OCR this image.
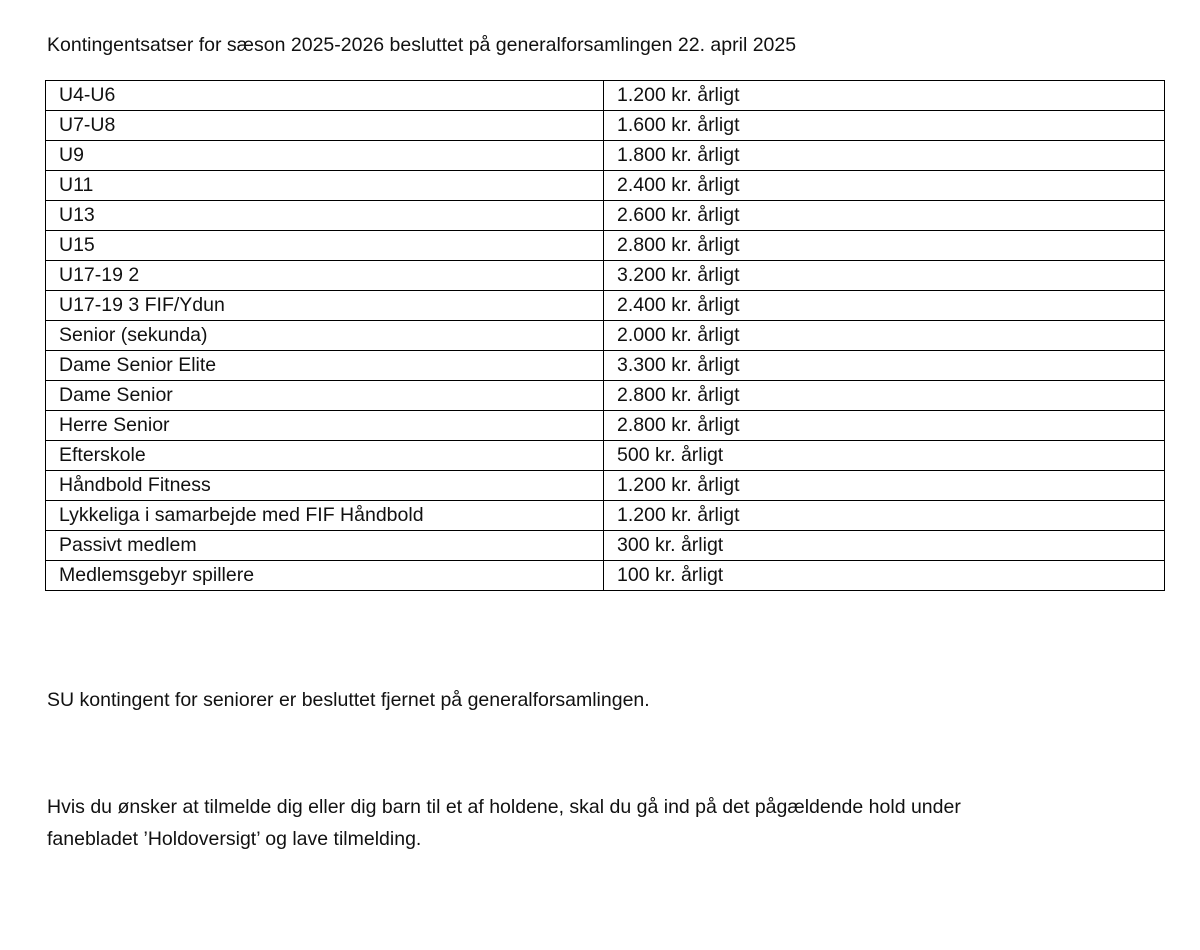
Kontingentsatser for sæson 2025-2026 besluttet på generalforsamlingen 22. april 2025
U4-U6	1.200 kr. årligt
U7-U8	1.600 kr. årligt
U9	1.800 kr. årligt
U11	2.400 kr. årligt
U13	2.600 kr. årligt
U15	2.800 kr. årligt
U17-19 2	3.200 kr. årligt
U17-19 3 FIF/Ydun	2.400 kr. årligt
Senior (sekunda)	2.000 kr. årligt
Dame Senior Elite	3.300 kr. årligt
Dame Senior	2.800 kr. årligt
Herre Senior	2.800 kr. årligt
Efterskole	500 kr. årligt
Håndbold Fitness	1.200 kr. årligt
Lykkeliga i samarbejde med FIF Håndbold	1.200 kr. årligt
Passivt medlem	300 kr. årligt
Medlemsgebyr spillere	100 kr. årligt
SU kontingent for seniorer er besluttet fjernet på generalforsamlingen.
Hvis du ønsker at tilmelde dig eller dig barn til et af holdene, skal du gå ind på det pågældende hold under
fanebladet ’Holdoversigt’ og lave tilmelding.
